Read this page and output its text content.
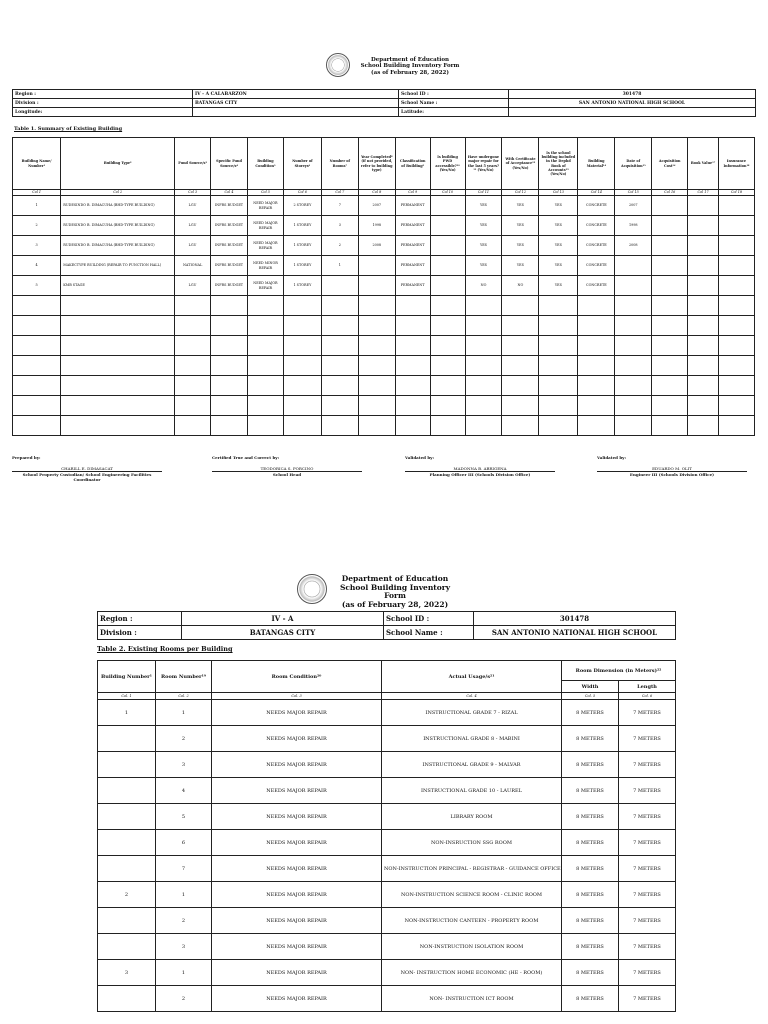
Department of Education
School Building Inventory Form
(as of February 28, 2022)
Region :	IV - A CALABARZON	School ID :	301478
Division :	BATANGAS CITY	School Name :	SAN ANTONIO NATIONAL HIGH SCHOOL
Longitude:		Latitude:	
Table 1. Summary of Existing Building
Building Name/ Number¹	Building Type²	Fund Source/s³	Specific Fund Source/s⁴	Building Condition⁵	Number of Storeys⁶	Number of Rooms⁷	Year Completed⁸ (if not provided, refer to building type)	Classification of Building⁹	Is building PWD accessible?¹⁰ (Yes/No)	Have undergone major repair for the last 5 years?¹¹ (Yes/No)	With Certificate of Acceptance¹² (Yes/No)	Is the school building included in the Dephd Book of Accounts¹³ (Yes/No)	Building Material¹⁴	Date of Acquisition¹⁵	Acquisition Cost¹⁶	Book Value¹⁷	Insurance Information¹⁸
Col 1	Col 2	Col 3	Col 4	Col 5	Col 6	Col 7	Col 8	Col 9	Col 10	Col 11	Col 12	Col 13	Col 14	Col 15	Col 16	Col 17	Col 18
1	RUDESINDO B. DIMACUHA (BHD-TYPE BUILDING)	LGU	INFRS BUDGET	NEED MAJOR REPAIR	2 STOREY	7	2007	PERMANENT		YES	YES	YES	CONCRETE	2007			
2	RUDESINDO B. DIMACUHA (BHD-TYPE BUILDING)	LGU	INFRS BUDGET	NEED MAJOR REPAIR	1 STOREY	3	1998	PERMANENT		YES	YES	YES	CONCRETE	1998			
3	RUDESINDO B. DIMACUHA (BHD-TYPE BUILDING)	LGU	INFRS BUDGET	NEED MAJOR REPAIR	1 STOREY	2	2008	PERMANENT		YES	YES	YES	CONCRETE	2008			
4	MAKECTYPE BUILDING (REPAIR TO FUNCTION HALL)	NATIONAL	INFRS BUDGET	NEED MINOR REPAIR	1 STOREY	1		PERMANENT		YES	YES	YES	CONCRETE				
5	KMB STAGE	LGU	INFRS BUDGET	NEED MAJOR REPAIR	1 STOREY			PERMANENT		NO	NO	YES	CONCRETE				

Prepared by:
CHARILL E. DIMASACAT
School Property Custodian/ School Engineering Facilities Coordinator
Certified True and Correct by:
TEODORICA S. PORCINO
School Head
Validated by:
MADONNA B. ABRIGENA
Planning Officer III (Schools Division Office)
Validated by:
EDUARDO M. OLIT
Engineer III (Schools Division Office)
Department of Education
School Building Inventory Form
(as of February 28, 2022)
Region :	IV - A	School ID :	301478
Division :	BATANGAS CITY	School Name :	SAN ANTONIO NATIONAL HIGH SCHOOL
Table 2. Existing Rooms per Building
Building Number¹	Room Number¹⁹	Room Condition²⁰	Actual Usage/s²¹	Room Dimension (in Meters)²²	
				Width	Length
Col. 1	Col. 2	Col. 3	Col. 4	Col. 5	Col. 6
1	1	NEEDS MAJOR REPAIR	INSTRUCTIONAL GRADE 7 - RIZAL	8 METERS	7 METERS
	2	NEEDS MAJOR REPAIR	INSTRUCTIONAL GRADE 8 - MABINI	8 METERS	7 METERS
	3	NEEDS MAJOR REPAIR	INSTRUCTIONAL GRADE 9 - MALVAR	8 METERS	7 METERS
	4	NEEDS MAJOR REPAIR	INSTRUCTIONAL GRADE 10 - LAUREL	8 METERS	7 METERS
	5	NEEDS MAJOR REPAIR	LIBRARY ROOM	8 METERS	7 METERS
	6	NEEDS MAJOR REPAIR	NON-INSRUCTION SSG ROOM	8 METERS	7 METERS
	7	NEEDS MAJOR REPAIR	NON-INSTRUCTION PRINCIPAL - REGISTRAR - GUIDANCE OFFICE	8 METERS	7 METERS
2	1	NEEDS MAJOR REPAIR	NON-INSTRUCTION SCIENCE ROOM - CLINIC ROOM	8 METERS	7 METERS
	2	NEEDS MAJOR REPAIR	NON-INSTRUCTION CANTEEN - PROPERTY ROOM	8 METERS	7 METERS
	3	NEEDS MAJOR REPAIR	NON-INSTRUCTION ISOLATION ROOM	8 METERS	7 METERS
3	1	NEEDS MAJOR REPAIR	NON- INSTRUCTION HOME ECONOMIC (HE - ROOM)	8 METERS	7 METERS
	2	NEEDS MAJOR REPAIR	NON- INSTRUCTION ICT ROOM	8 METERS	7 METERS
